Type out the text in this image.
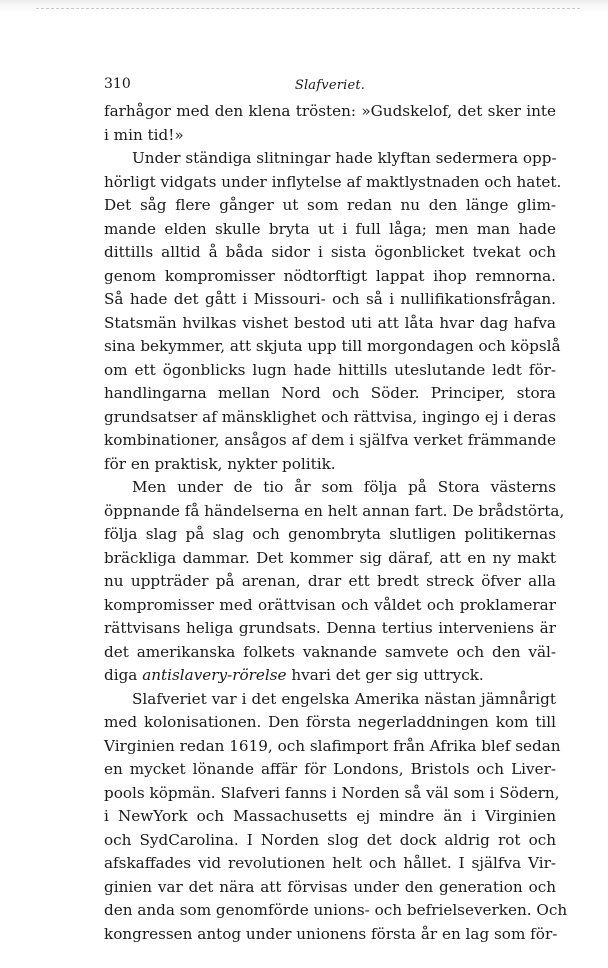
310	Slafveriet.
farhågor med den klena trösten: »Gudskelof, det sker inte
i min tid!»
Under ständiga slitningar hade klyftan sedermera opp-
hörligt vidgats under inflytelse af maktlystnaden och hatet.
Det såg flere gånger ut som redan nu den länge glim-
mande elden skulle bryta ut i full låga; men man hade
dittills alltid å båda sidor i sista ögonblicket tvekat och
genom kompromisser nödtorftigt lappat ihop remnorna.
Så hade det gått i Missouri- och så i nullifikationsfrågan.
Statsmän hvilkas vishet bestod uti att låta hvar dag hafva
sina bekymmer, att skjuta upp till morgondagen och köpslå
om ett ögonblicks lugn hade hittills uteslutande ledt för-
handlingarna mellan Nord och Söder. Principer, stora
grundsatser af mänsklighet och rättvisa, ingingo ej i deras
kombinationer, ansågos af dem i själfva verket främmande
för en praktisk, nykter politik.
Men under de tio år som följa på Stora västerns
öppnande få händelserna en helt annan fart. De brådstörta,
följa slag på slag och genombryta slutligen politikernas
bräckliga dammar. Det kommer sig däraf, att en ny makt
nu uppträder på arenan, drar ett bredt streck öfver alla
kompromisser med orättvisan och våldet och proklamerar
rättvisans heliga grundsats. Denna tertius interveniens är
det amerikanska folkets vaknande samvete och den väl-
diga antislavery-rörelse hvari det ger sig uttryck.
Slafveriet var i det engelska Amerika nästan jämnårigt
med kolonisationen. Den första negerladdningen kom till
Virginien redan 1619, och slafimport från Afrika blef sedan
en mycket lönande affär för Londons, Bristols och Liver-
pools köpmän. Slafveri fanns i Norden så väl som i Södern,
i NewYork och Massachusetts ej mindre än i Virginien
och SydCarolina. I Norden slog det dock aldrig rot och
afskaffades vid revolutionen helt och hållet. I själfva Vir-
ginien var det nära att förvisas under den generation och
den anda som genomförde unions- och befrielseverken. Och
kongressen antog under unionens första år en lag som för-
